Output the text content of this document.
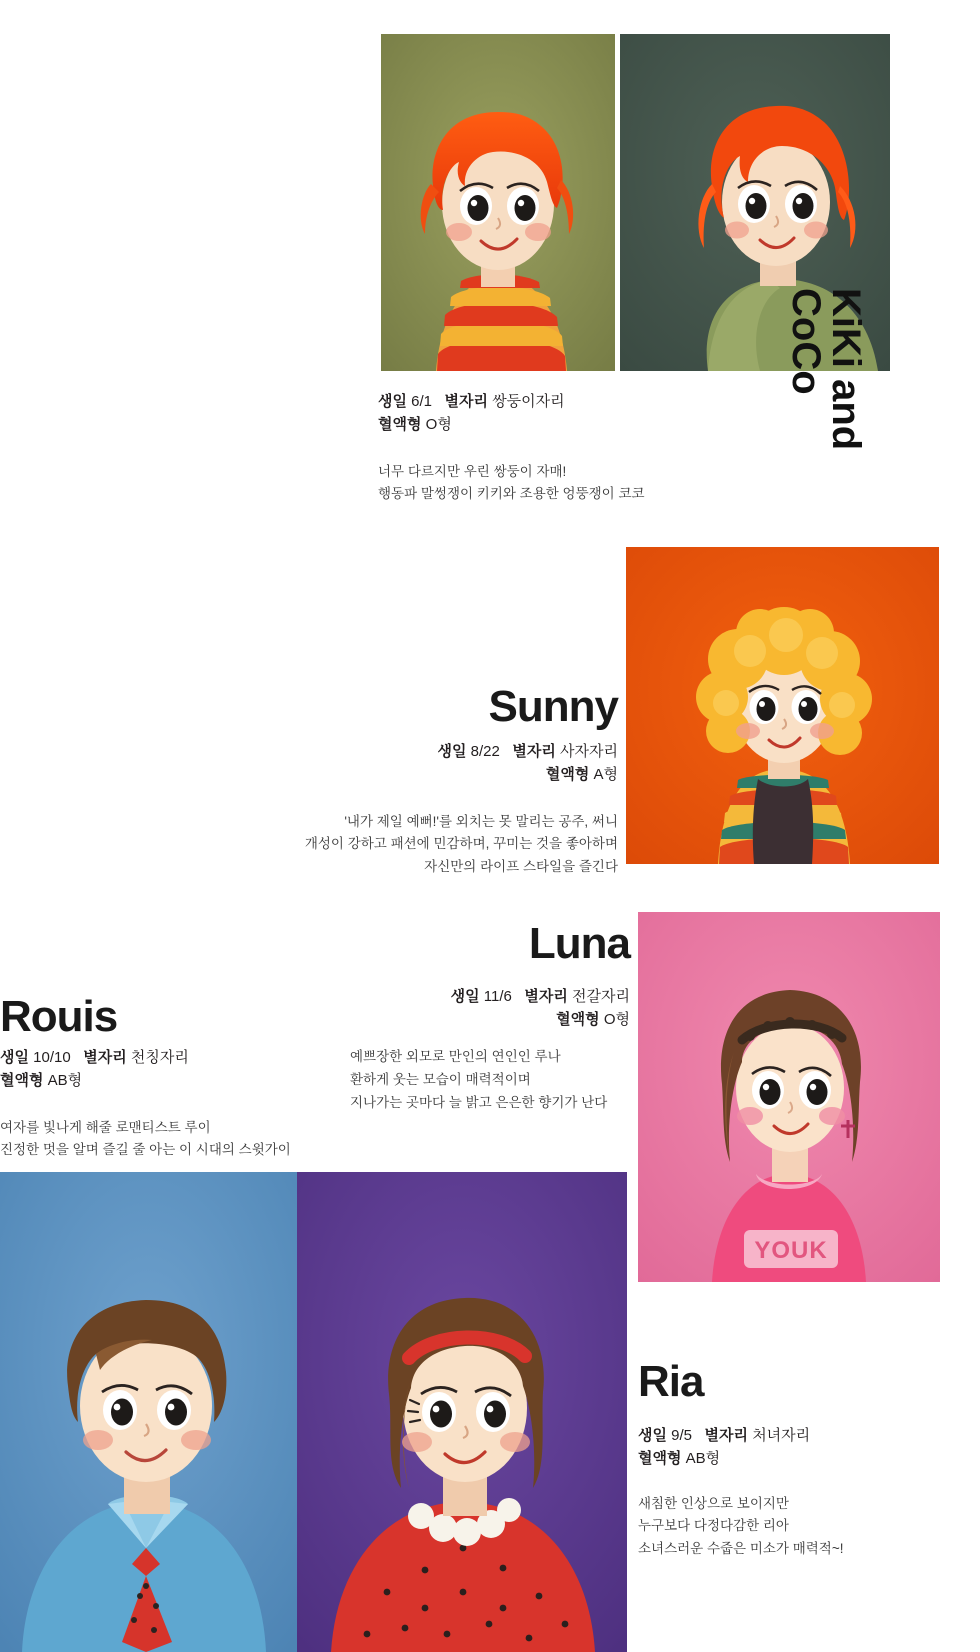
KiKi and CoCo
생일 6/1 별자리 쌍둥이자리
혈액형 O형
너무 다르지만 우린 쌍둥이 자매!
행동파 말썽쟁이 키키와 조용한 엉뚱쟁이 코코
Sunny
생일 8/22 별자리 사자자리
혈액형 A형
'내가 제일 예뻐!'를 외치는 못 말리는 공주, 써니
개성이 강하고 패션에 민감하며, 꾸미는 것을 좋아하며
자신만의 라이프 스타일을 즐긴다
YOUK
Luna
생일 11/6 별자리 전갈자리
혈액형 O형
예쁘장한 외모로 만인의 연인인 루나
환하게 웃는 모습이 매력적이며
지나가는 곳마다 늘 밝고 은은한 향기가 난다
Rouis
생일 10/10 별자리 천칭자리
혈액형 AB형
여자를 빛나게 해줄 로맨티스트 루이
진정한 멋을 알며 즐길 줄 아는 이 시대의 스윗가이
Ria
생일 9/5 별자리 처녀자리
혈액형 AB형
새침한 인상으로 보이지만
누구보다 다정다감한 리아
소녀스러운 수줍은 미소가 매력적~!
